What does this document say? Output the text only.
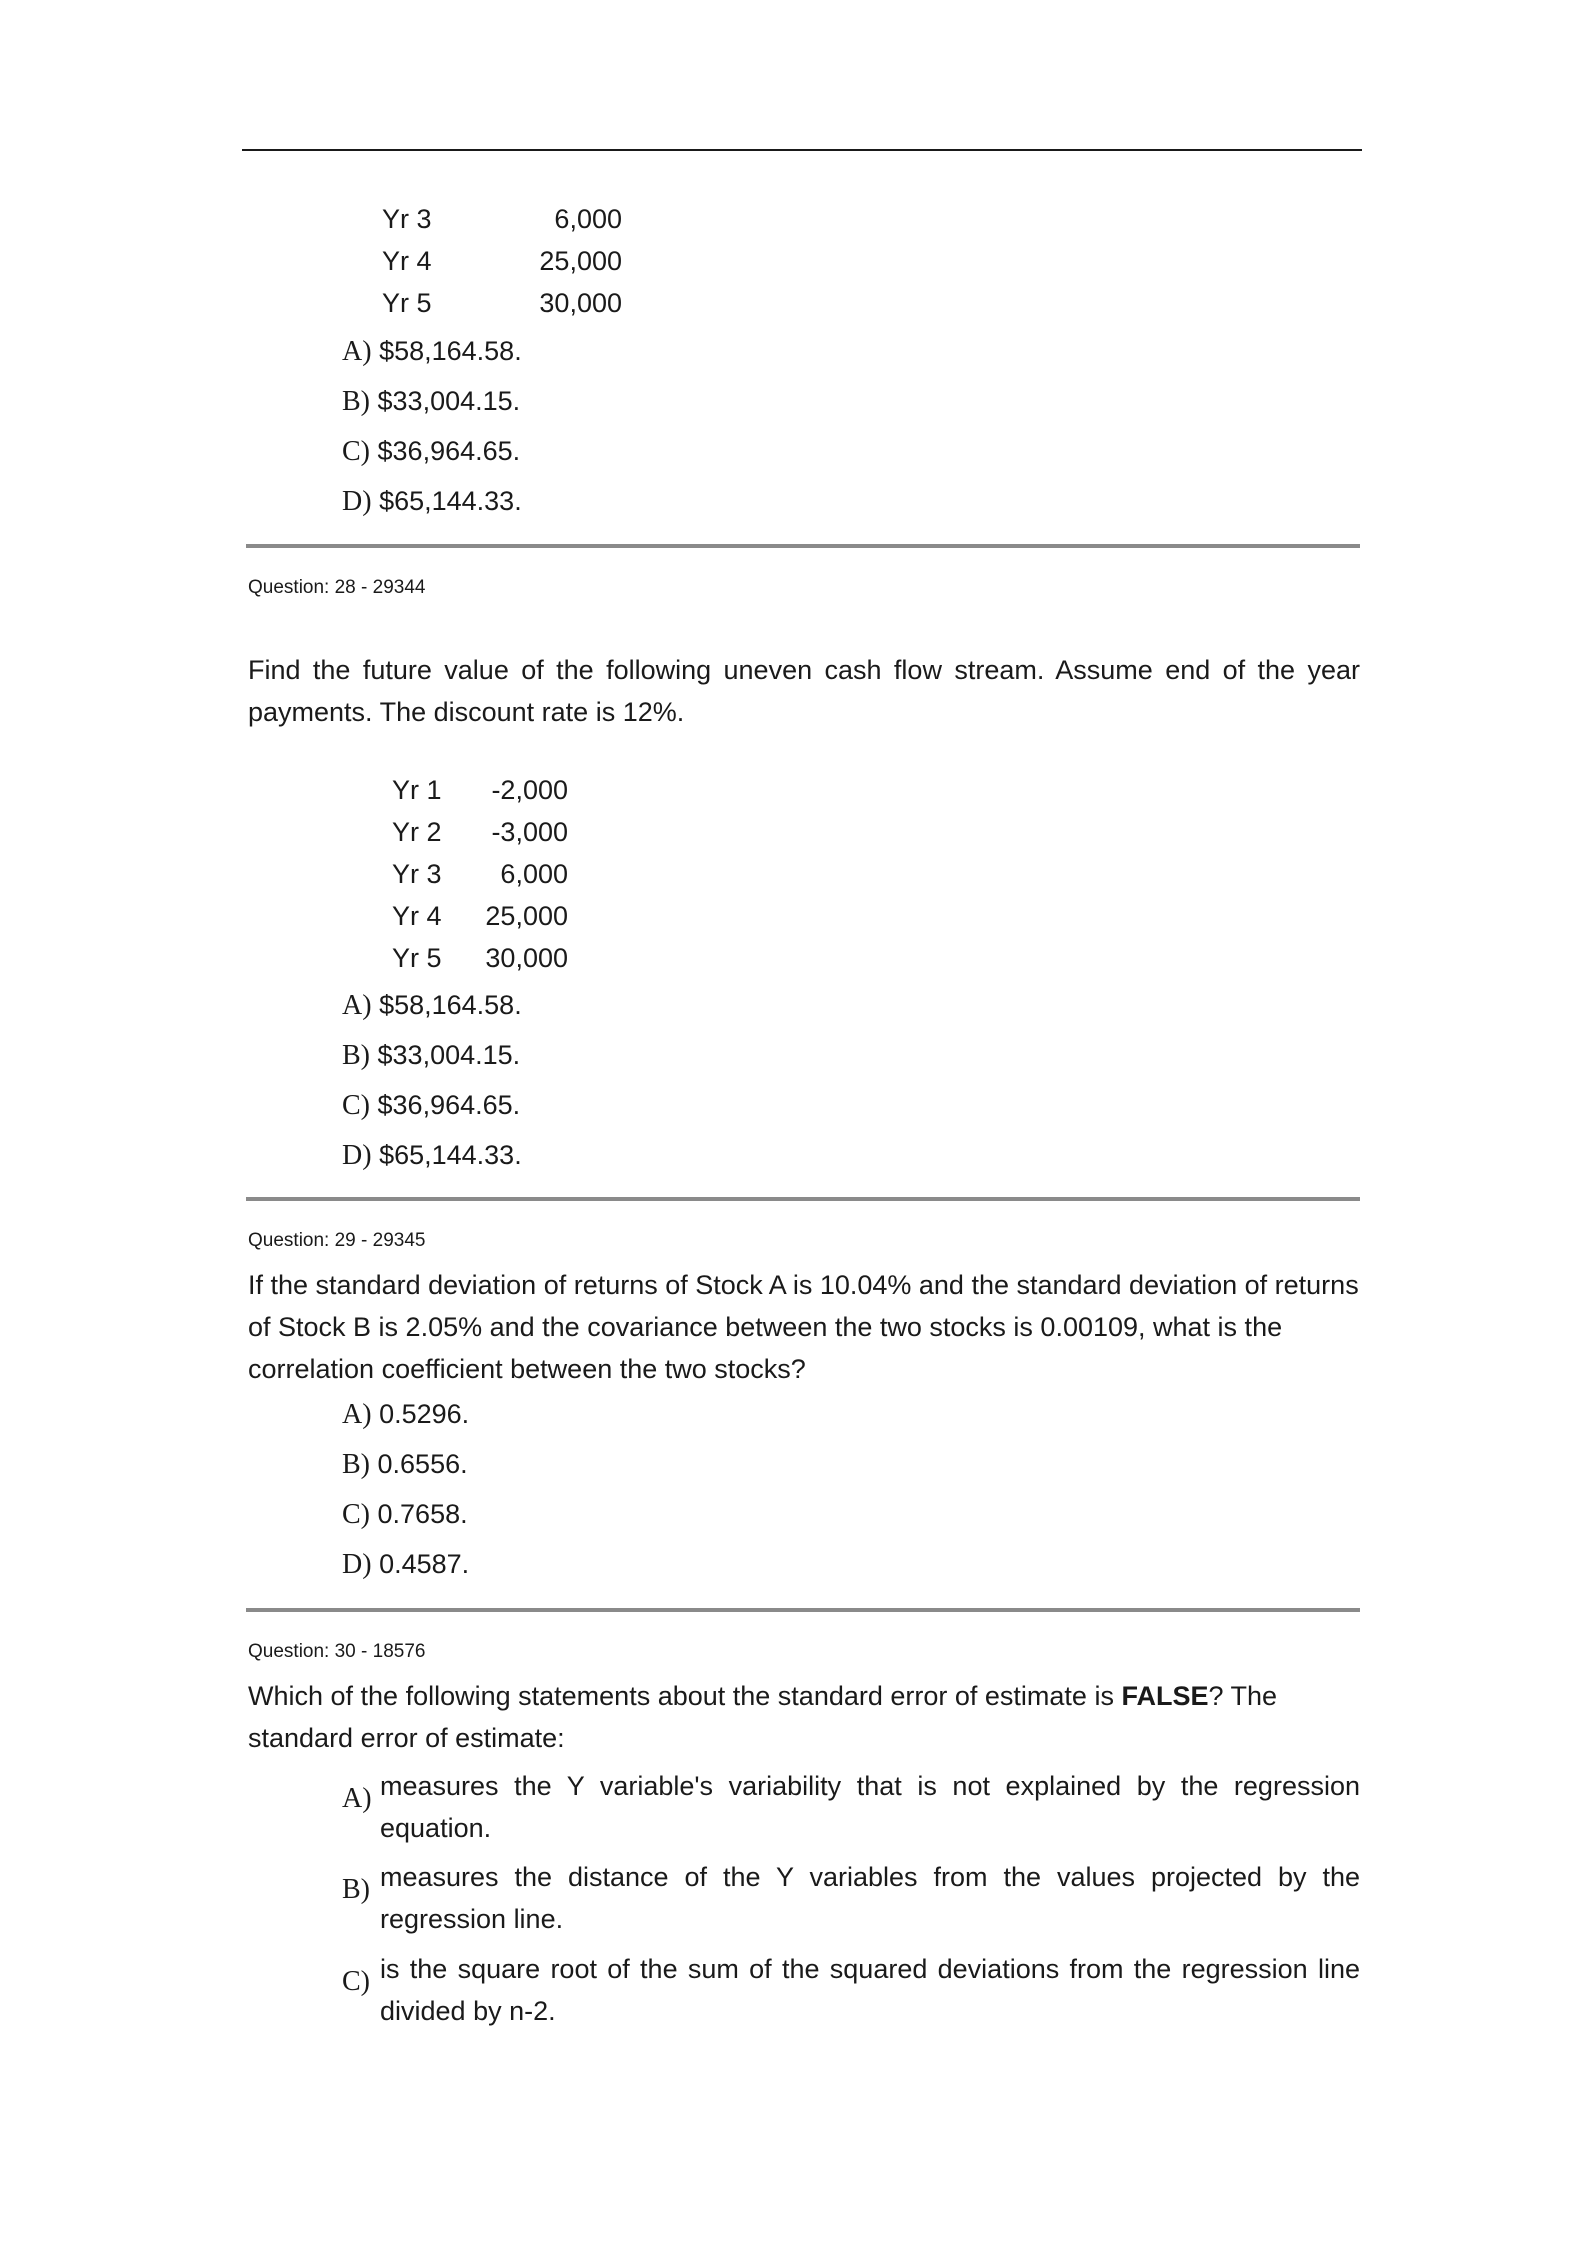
Yr 3	6,000
Yr 4	25,000
Yr 5	30,000
A) $58,164.58.
B) $33,004.15.
C) $36,964.65.
D) $65,144.33.
Question: 28 - 29344
Find the future value of the following uneven cash flow stream. Assume end of the year
payments. The discount rate is 12%.
Yr 1 -2,000
Yr 2 -3,000
Yr 3 6,000
Yr 4 25,000
Yr 5 30,000
A) $58,164.58.
B) $33,004.15.
C) $36,964.65.
D) $65,144.33.
Question: 29 - 29345
If the standard deviation of returns of Stock A is 10.04% and the standard deviation of returns
of Stock B is 2.05% and the covariance between the two stocks is 0.00109, what is the
correlation coefficient between the two stocks?
A) 0.5296.
B) 0.6556.
C) 0.7658.
D) 0.4587.
Question: 30 - 18576
Which of the following statements about the standard error of estimate is FALSE? The
standard error of estimate:
A) measures the Y variable's variability that is not explained by the regression
equation.
B) measures the distance of the Y variables from the values projected by the
regression line.
C) is the square root of the sum of the squared deviations from the regression line
divided by n-2.
